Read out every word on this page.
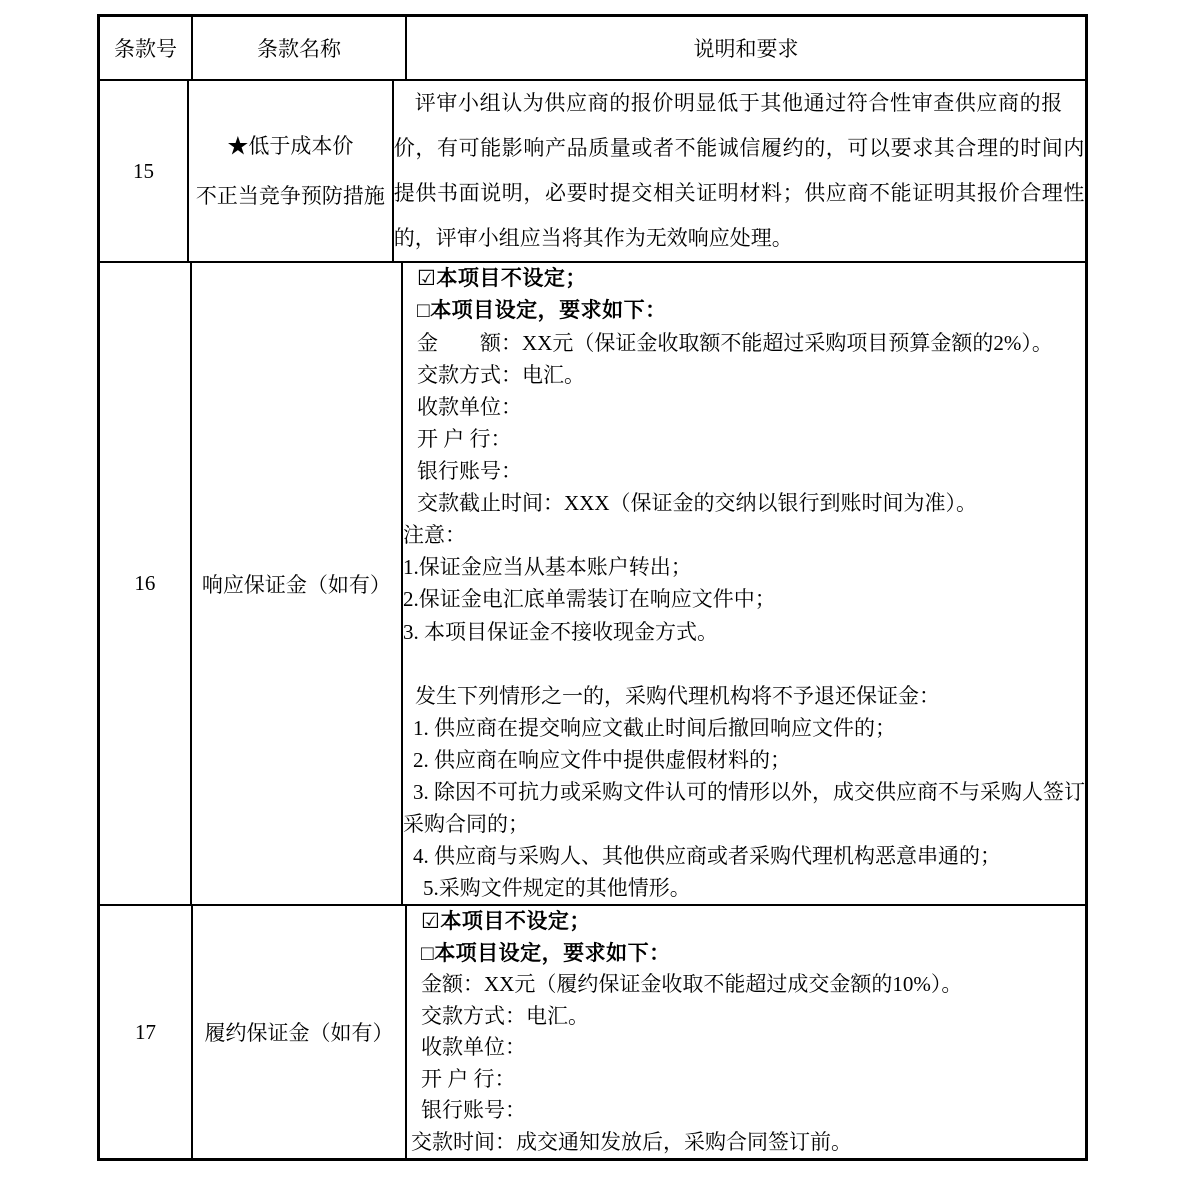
条款号	条款名称	说明和要求
15
★低于成本价
不正当竞争预防措施
评审小组认为供应商的报价明显低于其他通过符合性审查供应商的报
价，有可能影响产品质量或者不能诚信履约的，可以要求其合理的时间内
提供书面说明，必要时提交相关证明材料；供应商不能证明其报价合理性
的，评审小组应当将其作为无效响应处理。
16 响应保证金（如有）
☑本项目不设定；
□本项目设定，要求如下：
金　　额：XX元（保证金收取额不能超过采购项目预算金额的2%）。
交款方式：电汇。
收款单位：
开 户 行：
银行账号：
交款截止时间：XXX（保证金的交纳以银行到账时间为准）。
注意：
1.保证金应当从基本账户转出；
2.保证金电汇底单需装订在响应文件中；
3. 本项目保证金不接收现金方式。
发生下列情形之一的，采购代理机构将不予退还保证金：
1. 供应商在提交响应文截止时间后撤回响应文件的；
2. 供应商在响应文件中提供虚假材料的；
3. 除因不可抗力或采购文件认可的情形以外，成交供应商不与采购人签订
采购合同的；
4. 供应商与采购人、其他供应商或者采购代理机构恶意串通的；
5.采购文件规定的其他情形。
17 履约保证金（如有）
☑本项目不设定；
□本项目设定，要求如下：
金额：XX元（履约保证金收取不能超过成交金额的10%）。
交款方式：电汇。
收款单位：
开 户 行：
银行账号：
交款时间：成交通知发放后，采购合同签订前。
